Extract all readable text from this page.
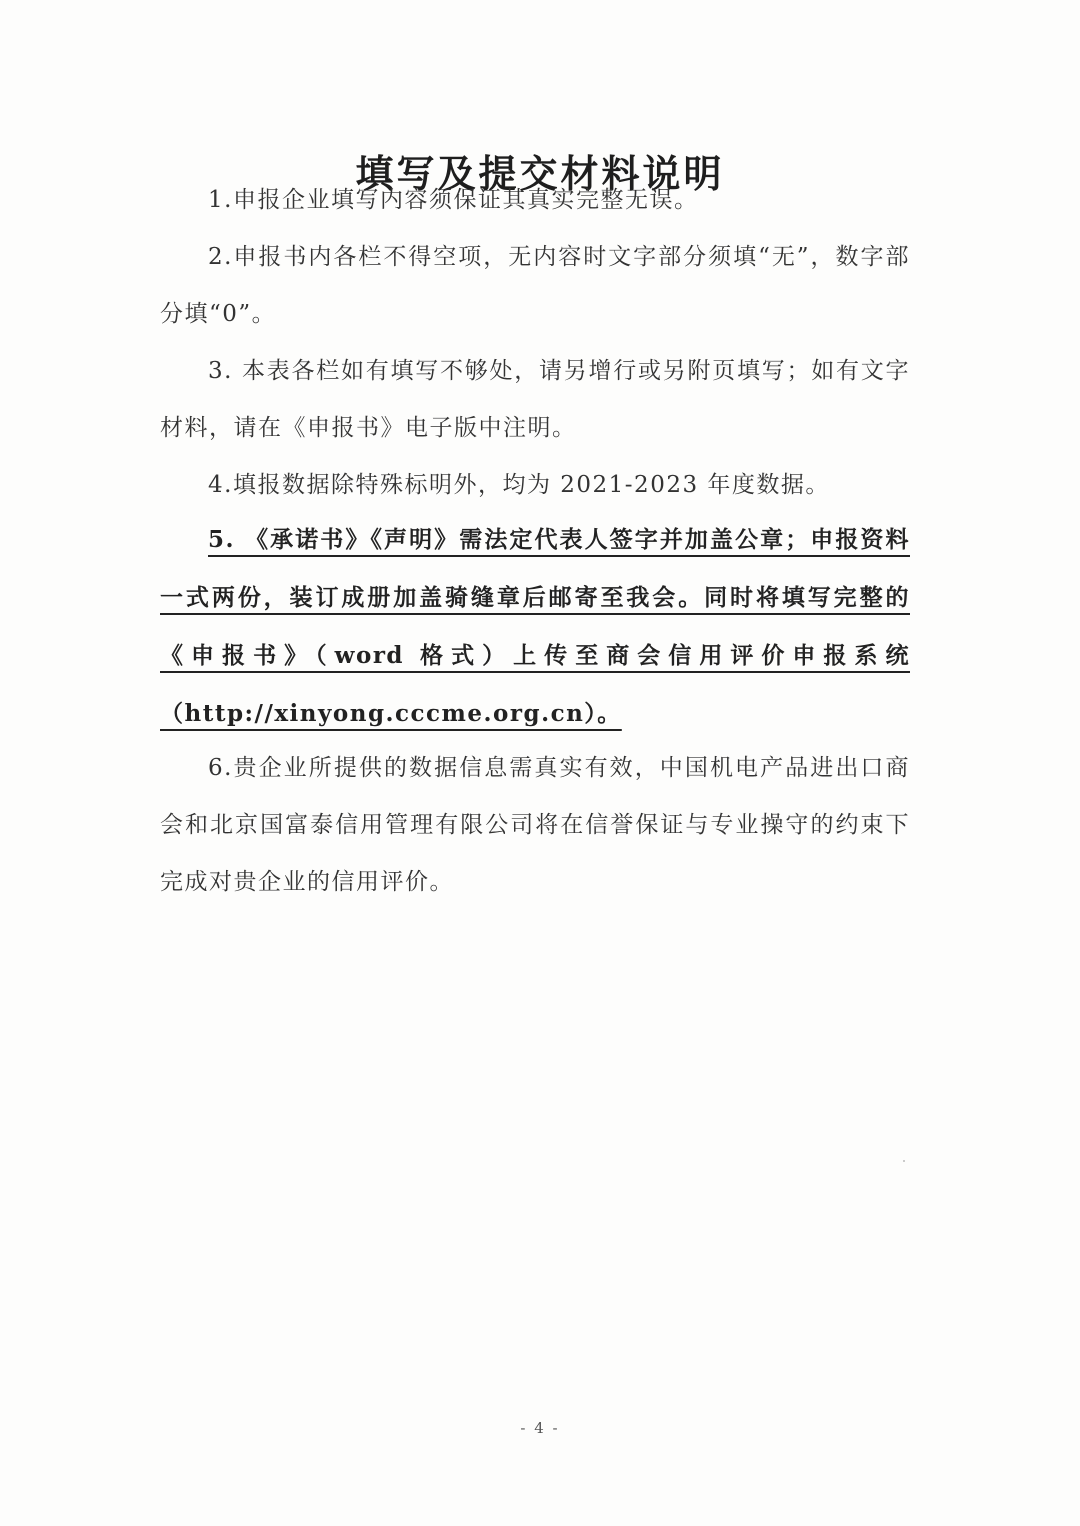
填写及提交材料说明

1.申报企业填写内容须保证其真实完整无误。

2.申报书内各栏不得空项，无内容时文字部分须填“无”，数字部分填“0”。

3. 本表各栏如有填写不够处，请另增行或另附页填写；如有文字材料，请在《申报书》电子版中注明。

4.填报数据除特殊标明外，均为 2021-2023 年度数据。

5. 《承诺书》《声明》需法定代表人签字并加盖公章；申报资料一式两份，装订成册加盖骑缝章后邮寄至我会。同时将填写完整的《申报书》（word 格式）上传至商会信用评价申报系统（http://xinyong.cccme.org.cn）。

6.贵企业所提供的数据信息需真实有效，中国机电产品进出口商会和北京国富泰信用管理有限公司将在信誉保证与专业操守的约束下完成对贵企业的信用评价。

- 4 -
